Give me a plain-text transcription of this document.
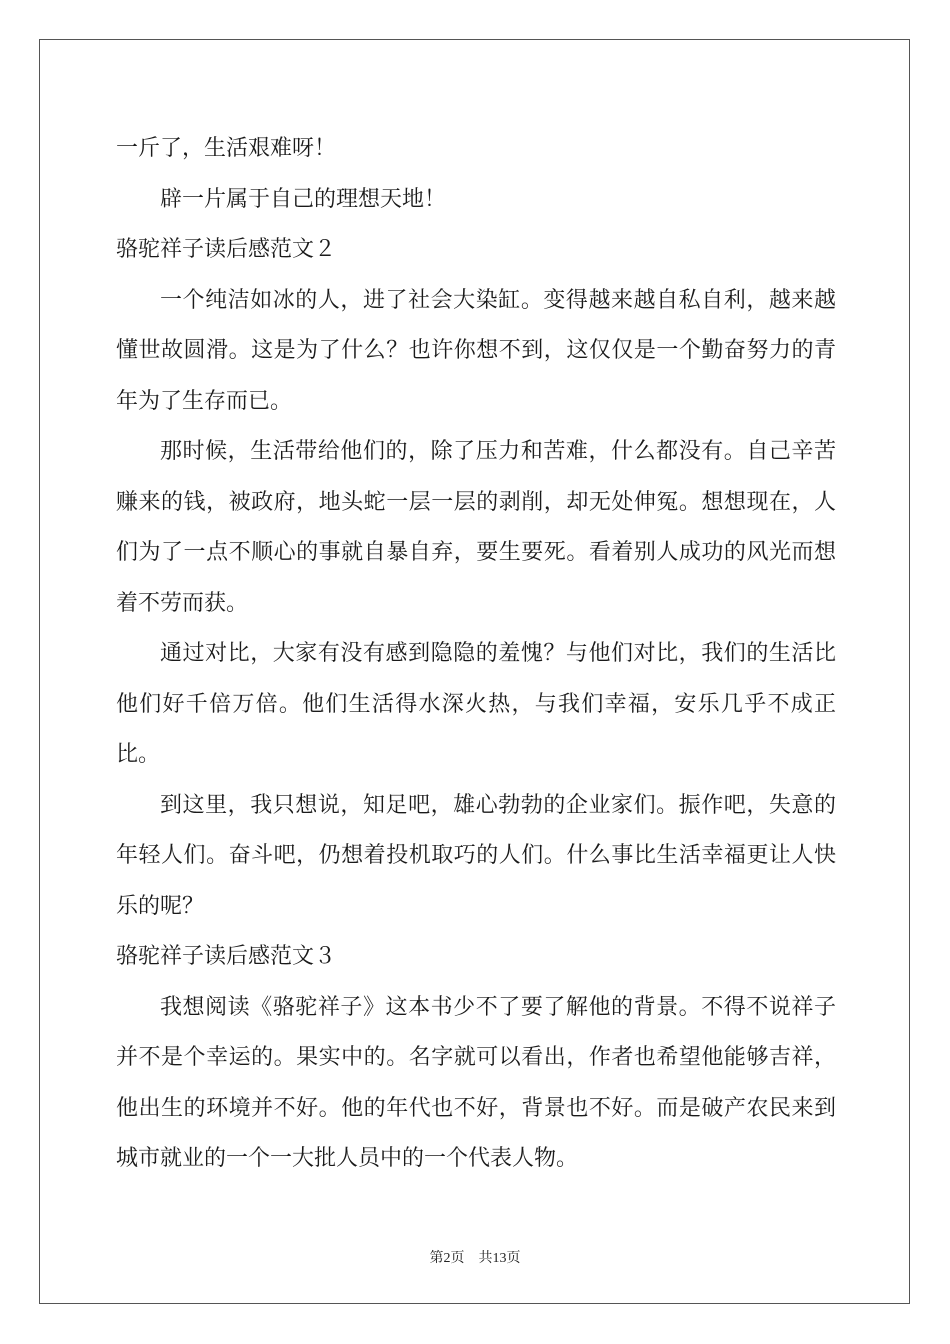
一斤了，生活艰难呀！

辟一片属于自己的理想天地！

骆驼祥子读后感范文２

一个纯洁如冰的人，进了社会大染缸。变得越来越自私自利，越来越懂世故圆滑。这是为了什么？也许你想不到，这仅仅是一个勤奋努力的青年为了生存而已。

那时候，生活带给他们的，除了压力和苦难，什么都没有。自己辛苦赚来的钱，被政府，地头蛇一层一层的剥削，却无处伸冤。想想现在，人们为了一点不顺心的事就自暴自弃，要生要死。看着别人成功的风光而想着不劳而获。

通过对比，大家有没有感到隐隐的羞愧？与他们对比，我们的生活比他们好千倍万倍。他们生活得水深火热，与我们幸福，安乐几乎不成正比。

到这里，我只想说，知足吧，雄心勃勃的企业家们。振作吧，失意的年轻人们。奋斗吧，仍想着投机取巧的人们。什么事比生活幸福更让人快乐的呢？

骆驼祥子读后感范文３

我想阅读《骆驼祥子》这本书少不了要了解他的背景。不得不说祥子并不是个幸运的。果实中的。名字就可以看出，作者也希望他能够吉祥，他出生的环境并不好。他的年代也不好，背景也不好。而是破产农民来到城市就业的一个一大批人员中的一个代表人物。

第2页　共13页
